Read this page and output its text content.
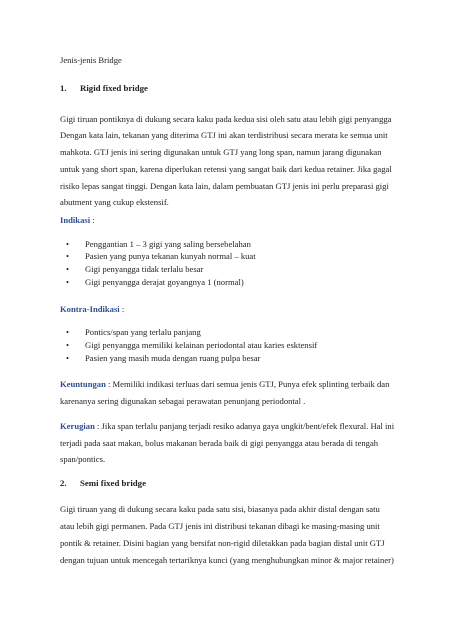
Jenis-jenis Bridge
1. Rigid fixed bridge
Gigi tiruan pontiknya di dukung secara kaku pada kedua sisi oleh satu atau lebih gigi penyangga
Dengan kata lain, tekanan yang diterima GTJ ini akan terdistribusi secara merata ke semua unit
mahkota. GTJ jenis ini sering digunakan untuk GTJ yang long span, namun jarang digunakan
untuk yang short span, karena diperlukan retensi yang sangat baik dari kedua retainer. Jika gagal
risiko lepas sangat tinggi. Dengan kata lain, dalam pembuatan GTJ jenis ini perlu preparasi gigi
abutment yang cukup ekstensif.
Indikasi :
• Penggantian 1 – 3 gigi yang saling bersebelahan
• Pasien yang punya tekanan kunyah normal – kuat
• Gigi penyangga tidak terlalu besar
• Gigi penyangga derajat goyangnya 1 (normal)
Kontra-Indikasi :
• Pontics/span yang terlalu panjang
• Gigi penyangga memiliki kelainan periodontal atau karies esktensif
• Pasien yang masih muda dengan ruang pulpa besar
Keuntungan : Memiliki indikasi terluas dari semua jenis GTJ, Punya efek splinting terbaik dan
karenanya sering digunakan sebagai perawatan penunjang periodontal .
Kerugian : Jika span terlalu panjang terjadi resiko adanya gaya ungkit/bent/efek flexural. Hal ini
terjadi pada saat makan, bolus makanan berada baik di gigi penyangga atau berada di tengah
span/pontics.
2. Semi fixed bridge
Gigi tiruan yang di dukung secara kaku pada satu sisi, biasanya pada akhir distal dengan satu
atau lebih gigi permanen. Pada GTJ jenis ini distribusi tekanan dibagi ke masing-masing unit
pontik & retainer. Disini bagian yang bersifat non-rigid diletakkan pada bagian distal unit GTJ
dengan tujuan untuk mencegah tertariknya kunci (yang menghubungkan minor & major retainer)
